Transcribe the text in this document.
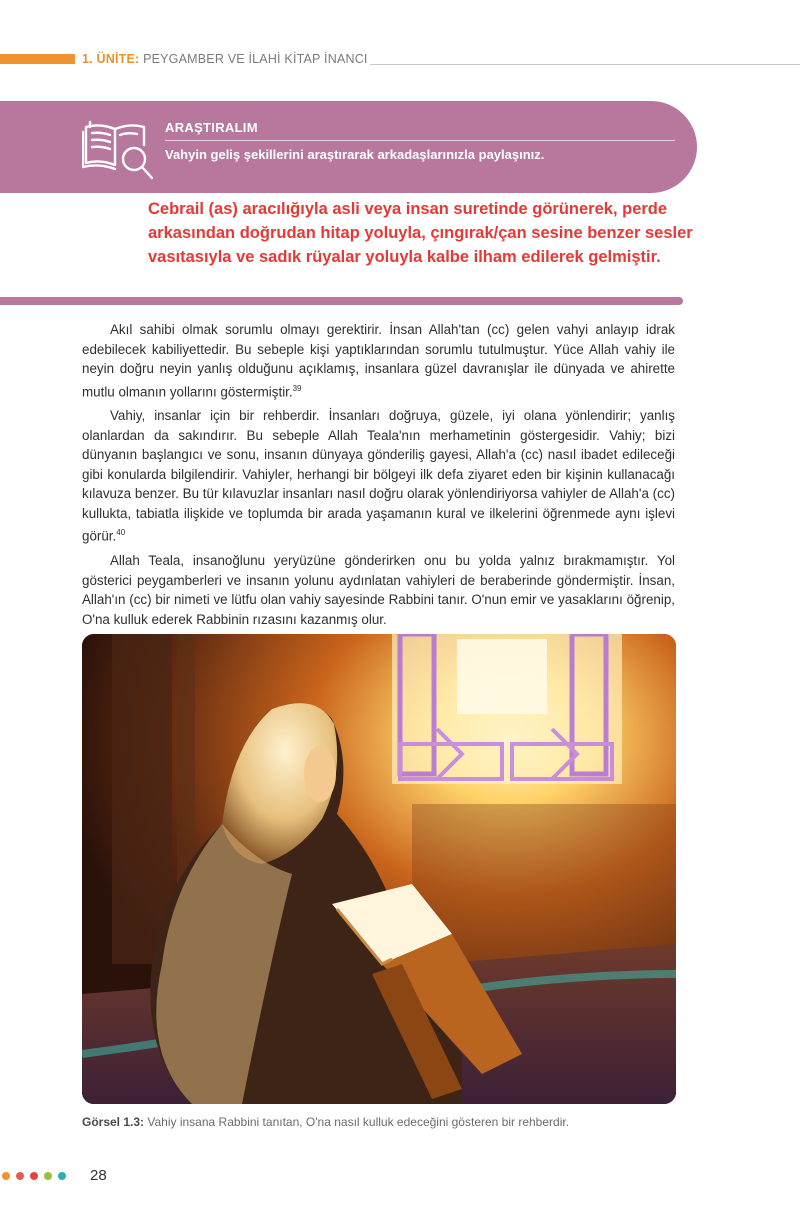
1. ÜNİTE: PEYGAMBER VE İLAHİ KİTAP İNANCI
ARAŞTIRALIM
Vahyin geliş şekillerini araştırarak arkadaşlarınızla paylaşınız.
Cebrail (as) aracılığıyla asli veya insan suretinde görünerek, perde arkasından doğrudan hitap yoluyla, çıngırak/çan sesine benzer sesler vasıtasıyla ve sadık rüyalar yoluyla kalbe ilham edilerek gelmiştir.

Akıl sahibi olmak sorumlu olmayı gerektirir. İnsan Allah'tan (cc) gelen vahyi anlayıp idrak edebilecek kabiliyettedir. Bu sebeple kişi yaptıklarından sorumlu tutulmuştur. Yüce Allah vahiy ile neyin doğru neyin yanlış olduğunu açıklamış, insanlara güzel davranışlar ile dünyada ve ahirette mutlu olmanın yollarını göstermiştir.$^{39}$

Vahiy, insanlar için bir rehberdir. İnsanları doğruya, güzele, iyi olana yönlendirir; yanlış olanlardan da sakındırır. Bu sebeple Allah Teala'nın merhametinin göstergesidir. Vahiy; bizi dünyanın başlangıcı ve sonu, insanın dünyaya gönderiliş gayesi, Allah'a (cc) nasıl ibadet edileceği gibi konularda bilgilendirir. Vahiyler, herhangi bir bölgeyi ilk defa ziyaret eden bir kişinin kullanacağı kılavuza benzer. Bu tür kılavuzlar insanları nasıl doğru olarak yönlendiriyorsa vahiyler de Allah'a (cc) kullukta, tabiatla ilişkide ve toplumda bir arada yaşamanın kural ve ilkelerini öğrenmede aynı işlevi görür.$^{40}$

Allah Teala, insanoğlunu yeryüzüne gönderirken onu bu yolda yalnız bırakmamıştır. Yol gösterici peygamberleri ve insanın yolunu aydınlatan vahiyleri de beraberinde göndermiştir. İnsan, Allah'ın (cc) bir nimeti ve lütfu olan vahiy sayesinde Rabbini tanır. O'nun emir ve yasaklarını öğrenip, O'na kulluk ederek Rabbinin rızasını kazanmış olur.

Görsel 1.3: Vahiy insana Rabbini tanıtan, O'na nasıl kulluk edeceğini gösteren bir rehberdir.
28
